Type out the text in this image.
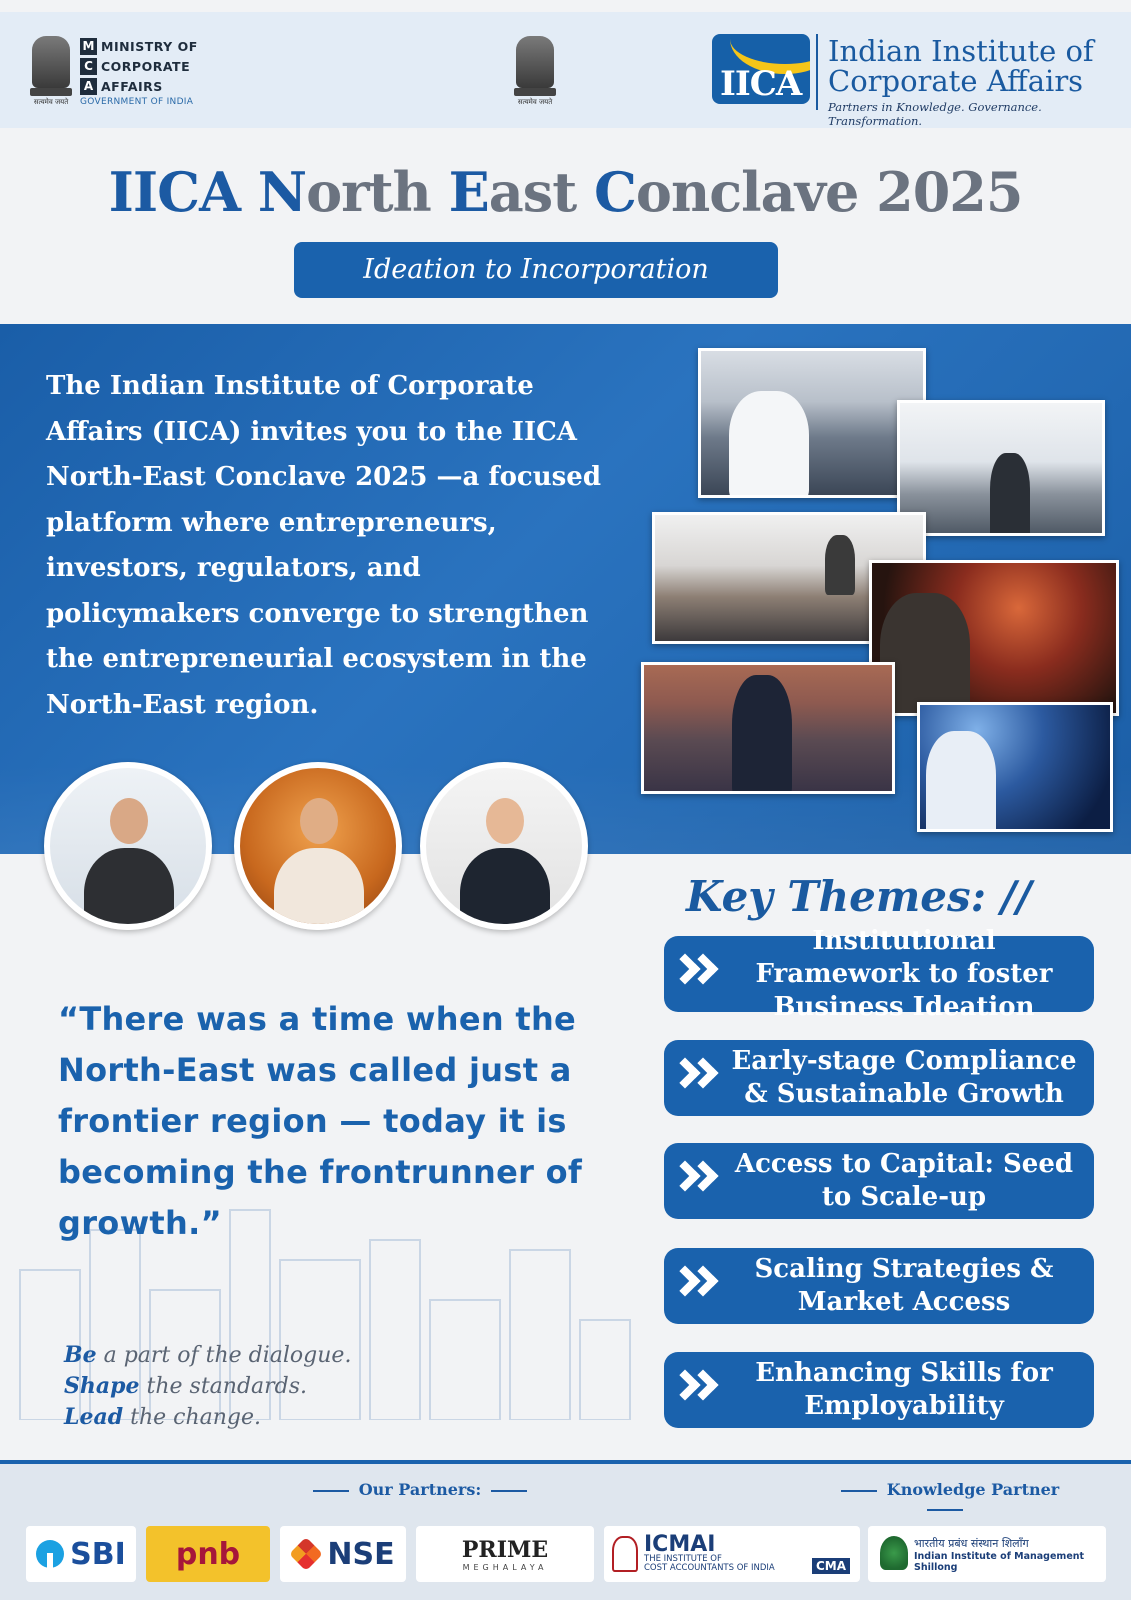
सत्यमेव जयते
M MINISTRY OF
C CORPORATE
A AFFAIRS
GOVERNMENT OF INDIA	सत्यमेव जयते	IICA
Indian Institute of
Corporate Affairs
Partners in Knowledge. Governance. Transformation.
IICA North East Conclave 2025
Ideation to Incorporation
The Indian Institute of Corporate Affairs (IICA) invites you to the IICA North-East Conclave 2025 —a focused platform where entrepreneurs, investors, regulators, and policymakers converge to strengthen the entrepreneurial ecosystem in the North-East region.
“There was a time when the North-East was called just a frontier region — today it is becoming the frontrunner of growth.”
Be a part of the dialogue.
Shape the standards.
Lead the change.
Key Themes: //
Institutional Framework to foster Business Ideation
Early-stage Compliance & Sustainable Growth
Access to Capital: Seed to Scale-up
Scaling Strategies & Market Access
Enhancing Skills for Employability
Our Partners:	Knowledge Partner
SBI pnb	NSE	PRIME
MEGHALAYA
ICMAI
THE INSTITUTE OF
COST ACCOUNTANTS OF INDIA	CMA
भारतीय प्रबंध संस्थान शिलॉंग
Indian Institute of Management Shillong
